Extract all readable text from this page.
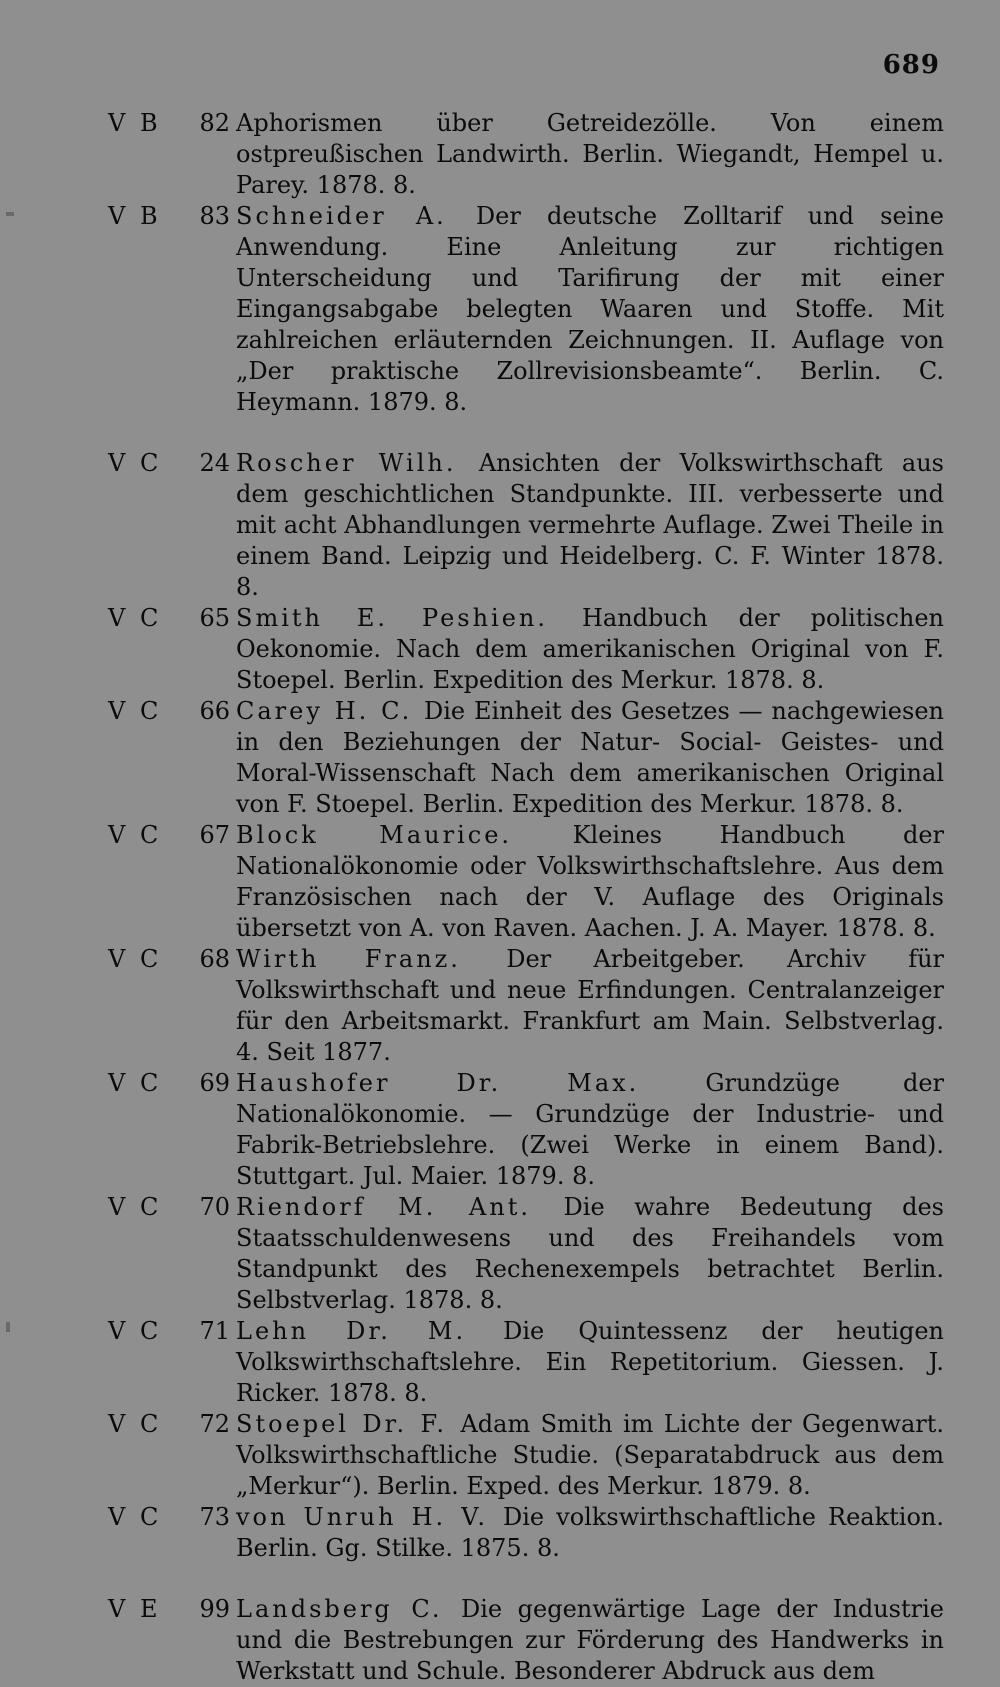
689
V B	82 Aphorismen über Getreidezölle. Von einem ostpreußischen Landwirth. Berlin. Wiegandt, Hempel u. Parey. 1878. 8.
V B	83 Schneider A. Der deutsche Zolltarif und seine Anwendung. Eine Anleitung zur richtigen Unterscheidung und Tarifirung der mit einer Eingangsabgabe belegten Waaren und Stoffe. Mit zahlreichen erläuternden Zeichnungen. II. Auflage von „Der praktische Zollrevisionsbeamte“. Berlin. C. Heymann. 1879. 8.
V C	24 Roscher Wilh. Ansichten der Volkswirthschaft aus dem geschichtlichen Standpunkte. III. verbesserte und mit acht Abhandlungen vermehrte Auflage. Zwei Theile in einem Band. Leipzig und Heidelberg. C. F. Winter 1878. 8.
V C	65 Smith E. Peshien. Handbuch der politischen Oekonomie. Nach dem amerikanischen Original von F. Stoepel. Berlin. Expedition des Merkur. 1878. 8.
V C	66 Carey H. C. Die Einheit des Gesetzes — nachgewiesen in den Beziehungen der Natur- Social- Geistes- und Moral-Wissenschaft Nach dem amerikanischen Original von F. Stoepel. Berlin. Expedition des Merkur. 1878. 8.
V C	67 Block Maurice. Kleines Handbuch der Nationalökonomie oder Volkswirthschaftslehre. Aus dem Französischen nach der V. Auflage des Originals übersetzt von A. von Raven. Aachen. J. A. Mayer. 1878. 8.
V C	68 Wirth Franz. Der Arbeitgeber. Archiv für Volkswirthschaft und neue Erfindungen. Centralanzeiger für den Arbeitsmarkt. Frankfurt am Main. Selbstverlag. 4. Seit 1877.
V C	69 Haushofer Dr. Max. Grundzüge der Nationalökonomie. — Grundzüge der Industrie- und Fabrik-Betriebslehre. (Zwei Werke in einem Band). Stuttgart. Jul. Maier. 1879. 8.
V C	70 Riendorf M. Ant. Die wahre Bedeutung des Staatsschuldenwesens und des Freihandels vom Standpunkt des Rechenexempels betrachtet Berlin. Selbstverlag. 1878. 8.
V C	71 Lehn Dr. M. Die Quintessenz der heutigen Volkswirthschaftslehre. Ein Repetitorium. Giessen. J. Ricker. 1878. 8.
V C	72 Stoepel Dr. F. Adam Smith im Lichte der Gegenwart. Volkswirthschaftliche Studie. (Separatabdruck aus dem „Merkur“). Berlin. Exped. des Merkur. 1879. 8.
V C	73 von Unruh H. V. Die volkswirthschaftliche Reaktion. Berlin. Gg. Stilke. 1875. 8.
V E	99 Landsberg C. Die gegenwärtige Lage der Industrie und die Bestrebungen zur Förderung des Handwerks in Werkstatt und Schule. Besonderer Abdruck aus dem
